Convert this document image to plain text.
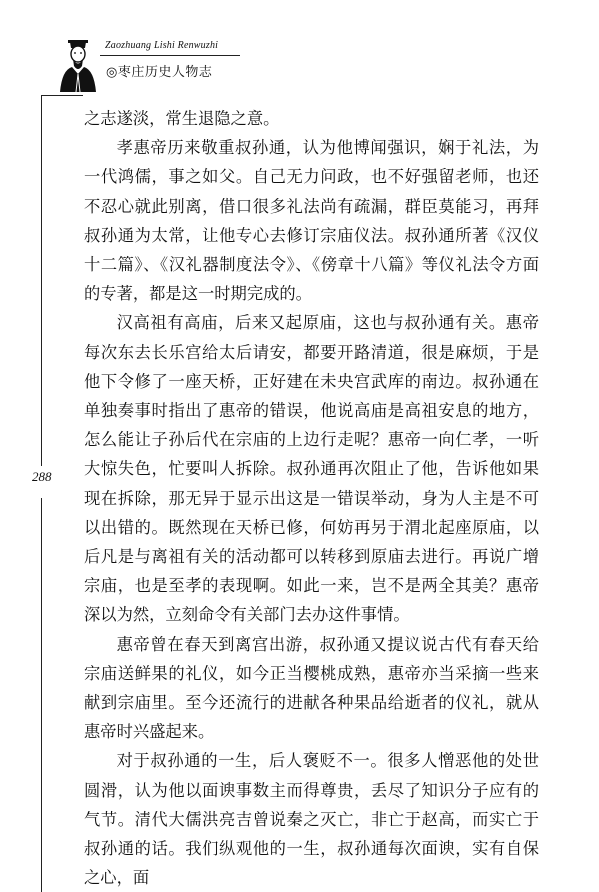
Zaozhuang Lishi Renwuzhi
◎枣庄历史人物志
288

之志遂淡，常生退隐之意。

孝惠帝历来敬重叔孙通，认为他博闻强识，娴于礼法，为一代鸿儒，事之如父。自己无力问政，也不好强留老师，也还不忍心就此别离，借口很多礼法尚有疏漏，群臣莫能习，再拜叔孙通为太常，让他专心去修订宗庙仪法。叔孙通所著《汉仪十二篇》、《汉礼器制度法令》、《傍章十八篇》等仪礼法令方面的专著，都是这一时期完成的。

汉高祖有高庙，后来又起原庙，这也与叔孙通有关。惠帝每次东去长乐宫给太后请安，都要开路清道，很是麻烦，于是他下令修了一座天桥，正好建在未央宫武库的南边。叔孙通在单独奏事时指出了惠帝的错误，他说高庙是高祖安息的地方，怎么能让子孙后代在宗庙的上边行走呢？惠帝一向仁孝，一听大惊失色，忙要叫人拆除。叔孙通再次阻止了他，告诉他如果现在拆除，那无异于显示出这是一错误举动，身为人主是不可以出错的。既然现在天桥已修，何妨再另于渭北起座原庙，以后凡是与离祖有关的活动都可以转移到原庙去进行。再说广增宗庙，也是至孝的表现啊。如此一来，岂不是两全其美？惠帝深以为然，立刻命令有关部门去办这件事情。

惠帝曾在春天到离宫出游，叔孙通又提议说古代有春天给宗庙送鲜果的礼仪，如今正当樱桃成熟，惠帝亦当采摘一些来献到宗庙里。至今还流行的进献各种果品给逝者的仪礼，就从惠帝时兴盛起来。

对于叔孙通的一生，后人褒贬不一。很多人憎恶他的处世圆滑，认为他以面谀事数主而得尊贵，丢尽了知识分子应有的气节。清代大儒洪亮吉曾说秦之灭亡，非亡于赵高，而实亡于叔孙通的话。我们纵观他的一生，叔孙通每次面谀，实有自保之心，面
